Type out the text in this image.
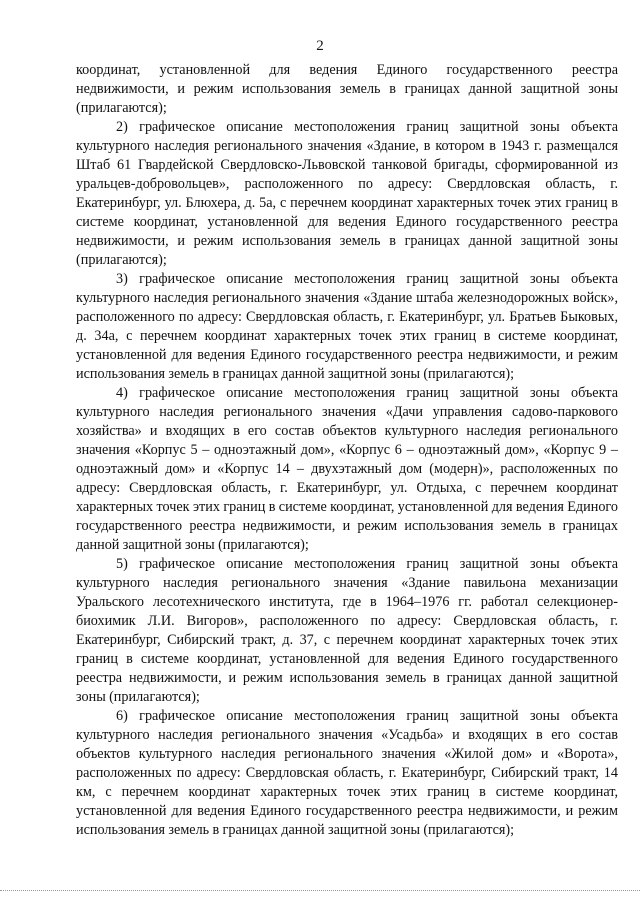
2

координат, установленной для ведения Единого государственного реестра недвижимости, и режим использования земель в границах данной защитной зоны (прилагаются);

2) графическое описание местоположения границ защитной зоны объекта культурного наследия регионального значения «Здание, в котором в 1943 г. размещался Штаб 61 Гвардейской Свердловско-Львовской танковой бригады, сформированной из уральцев-добровольцев», расположенного по адресу: Свердловская область, г. Екатеринбург, ул. Блюхера, д. 5а, с перечнем координат характерных точек этих границ в системе координат, установленной для ведения Единого государственного реестра недвижимости, и режим использования земель в границах данной защитной зоны (прилагаются);

3) графическое описание местоположения границ защитной зоны объекта культурного наследия регионального значения «Здание штаба железнодорожных войск», расположенного по адресу: Свердловская область, г. Екатеринбург, ул. Братьев Быковых, д. 34а, с перечнем координат характерных точек этих границ в системе координат, установленной для ведения Единого государственного реестра недвижимости, и режим использования земель в границах данной защитной зоны (прилагаются);

4) графическое описание местоположения границ защитной зоны объекта культурного наследия регионального значения «Дачи управления садово-паркового хозяйства» и входящих в его состав объектов культурного наследия регионального значения «Корпус 5 – одноэтажный дом», «Корпус 6 – одноэтажный дом», «Корпус 9 – одноэтажный дом» и «Корпус 14 – двухэтажный дом (модерн)», расположенных по адресу: Свердловская область, г. Екатеринбург, ул. Отдыха, с перечнем координат характерных точек этих границ в системе координат, установленной для ведения Единого государственного реестра недвижимости, и режим использования земель в границах данной защитной зоны (прилагаются);

5) графическое описание местоположения границ защитной зоны объекта культурного наследия регионального значения «Здание павильона механизации Уральского лесотехнического института, где в 1964–1976 гг. работал селекционер-биохимик Л.И. Вигоров», расположенного по адресу: Свердловская область, г. Екатеринбург, Сибирский тракт, д. 37, с перечнем координат характерных точек этих границ в системе координат, установленной для ведения Единого государственного реестра недвижимости, и режим использования земель в границах данной защитной зоны (прилагаются);

6) графическое описание местоположения границ защитной зоны объекта культурного наследия регионального значения «Усадьба» и входящих в его состав объектов культурного наследия регионального значения «Жилой дом» и «Ворота», расположенных по адресу: Свердловская область, г. Екатеринбург, Сибирский тракт, 14 км, с перечнем координат характерных точек этих границ в системе координат, установленной для ведения Единого государственного реестра недвижимости, и режим использования земель в границах данной защитной зоны (прилагаются);
